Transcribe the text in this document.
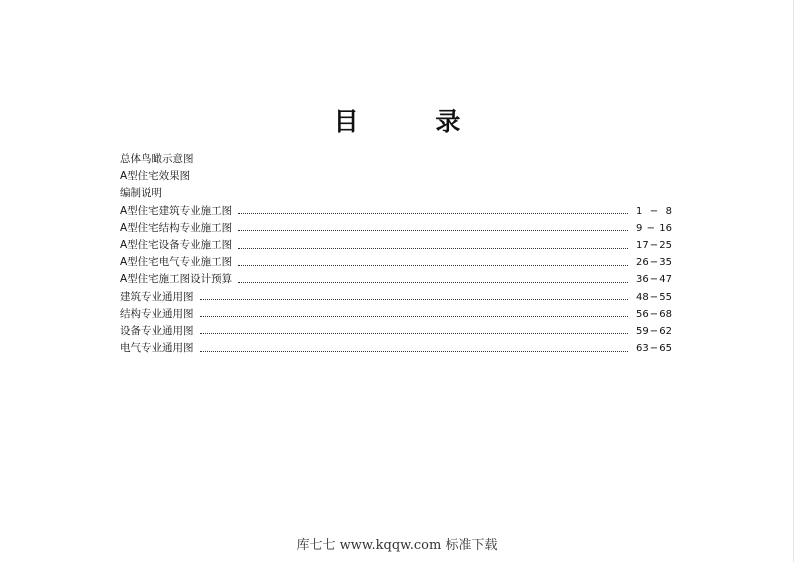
目 录
总体鸟瞰示意图
A型住宅效果图
编制说明
A型住宅建筑专业施工图	1 − 8
A型住宅结构专业施工图	9 − 16
A型住宅设备专业施工图	17 − 25
A型住宅电气专业施工图	26 − 35
A型住宅施工图设计预算	36 − 47
建筑专业通用图	48 − 55
结构专业通用图	56 − 68
设备专业通用图	59 − 62
电气专业通用图	63 − 65
库七七 www.kqqw.com 标准下载
